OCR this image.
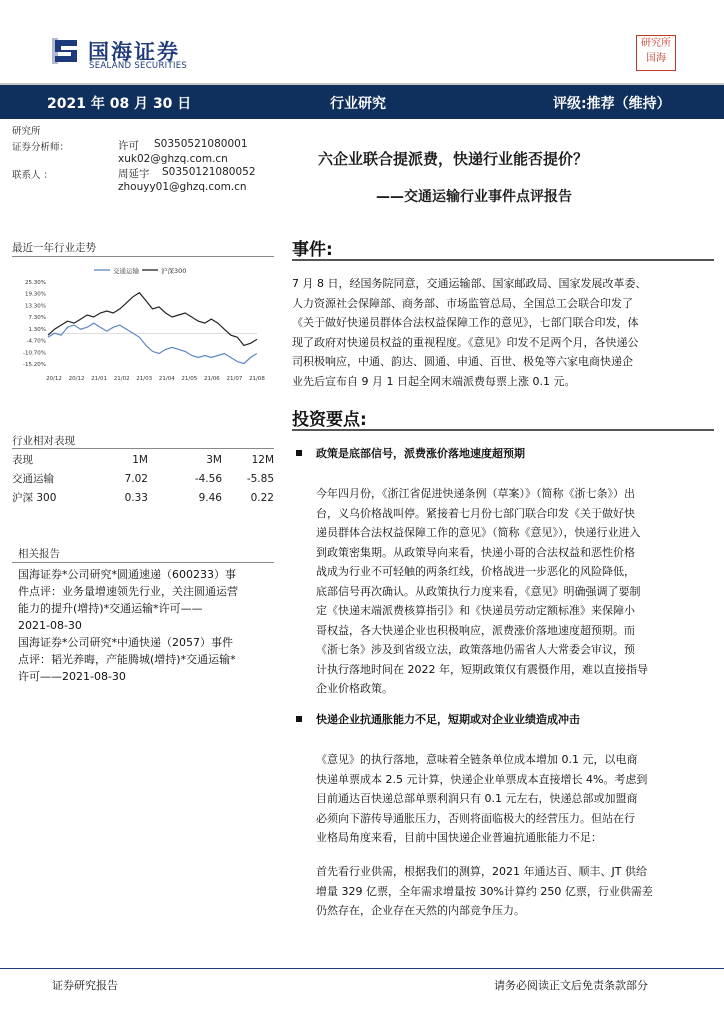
国海证券
SEALAND SECURITIES
研究所
国海
2021 年 08 月 30 日	行业研究	评级:推荐（维持）
研究所
证券分析师：	许可 S0350521080001
xuk02@ghzq.com.cn
联系人 ：	周延宇 S0350121080052
zhouyy01@ghzq.com.cn
最近一年行业走势
交通运输	沪深300
25.30%
19.30%
13.30%
7.30%
1.30%
-4.70%
-10.70%
-15.20%
20/12 20/12 21/01 21/02 21/03 21/04 21/05 21/06 21/07 21/08
行业相对表现
表现	1M	3M	12M
交通运输	7.02	-4.56	-5.85
沪深 300	0.33	9.46	0.22
相关报告
国海证券*公司研究*圆通速递（600233）事
件点评：业务量增速领先行业，关注圆通运营
能力的提升(增持)*交通运输*许可——
2021-08-30
国海证券*公司研究*中通快递（2057）事件
点评：韬光养晦，产能腾城(增持)*交通运输*
许可——2021-08-30
六企业联合提派费，快递行业能否提价？
——交通运输行业事件点评报告
事件:
7 月 8 日，经国务院同意，交通运输部、国家邮政局、国家发展改革委、
人力资源社会保障部、商务部、市场监管总局、全国总工会联合印发了
《关于做好快递员群体合法权益保障工作的意见》，七部门联合印发，体
现了政府对快递员权益的重视程度。《意见》印发不足两个月，各快递公
司积极响应，中通、韵达、圆通、申通、百世、极兔等六家电商快递企
业先后宣布自 9 月 1 日起全网末端派费每票上涨 0.1 元。
投资要点:
政策是底部信号，派费涨价落地速度超预期
今年四月份，《浙江省促进快递条例（草案）》（简称《浙七条》）出
台，义乌价格战叫停。紧接着七月份七部门联合印发《关于做好快
递员群体合法权益保障工作的意见》（简称《意见》），快递行业进入
到政策密集期。从政策导向来看，快递小哥的合法权益和恶性价格
战成为行业不可轻触的两条红线，价格战进一步恶化的风险降低，
底部信号再次确认。从政策执行力度来看，《意见》明确强调了要制
定《快递末端派费核算指引》和《快递员劳动定额标准》来保障小
哥权益，各大快递企业也积极响应，派费涨价落地速度超预期。而
《浙七条》涉及到省级立法，政策落地仍需省人大常委会审议，预
计执行落地时间在 2022 年，短期政策仅有震慑作用，难以直接指导
企业价格政策。
快递企业抗通胀能力不足，短期或对企业业绩造成冲击
《意见》的执行落地，意味着全链条单位成本增加 0.1 元，以电商
快递单票成本 2.5 元计算，快递企业单票成本直接增长 4%。考虑到
目前通达百快递总部单票利润只有 0.1 元左右，快递总部或加盟商
必须向下游传导通胀压力，否则将面临极大的经营压力。但站在行
业格局角度来看，目前中国快递企业普遍抗通胀能力不足：
首先看行业供需，根据我们的测算，2021 年通达百、顺丰、JT 供给
增量 329 亿票，全年需求增量按 30%计算约 250 亿票，行业供需差
仍然存在，企业存在天然的内部竞争压力。
证券研究报告	请务必阅读正文后免责条款部分
